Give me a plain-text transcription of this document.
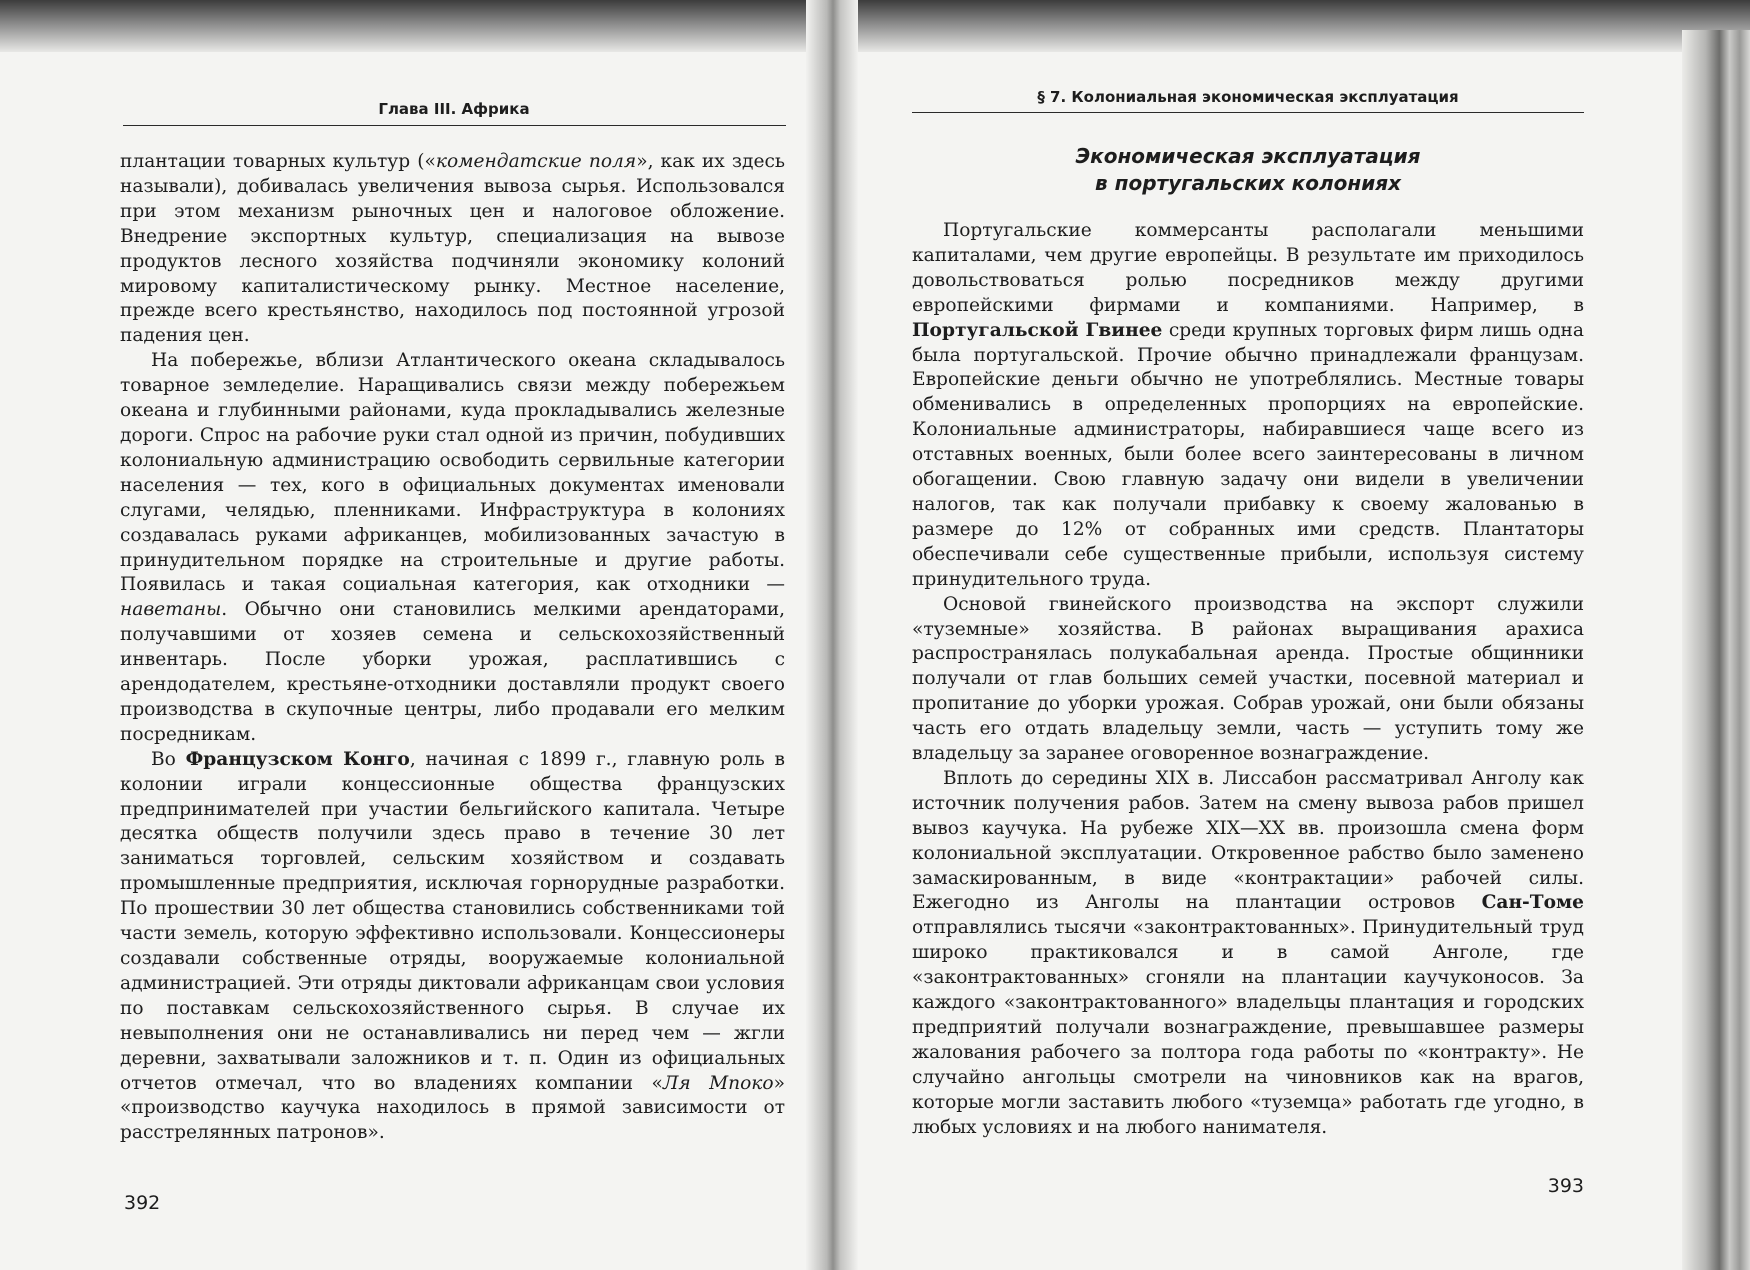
Глава III. Африка

плантации товарных культур («комендатские поля», как их здесь называли), добивалась увеличения вывоза сырья. Использовался при этом механизм рыночных цен и налоговое обложение. Внедрение экспортных культур, специализация на вывозе продуктов лесного хозяйства подчиняли экономику колоний мировому капиталистическому рынку. Местное население, прежде всего крестьянство, находилось под постоянной угрозой падения цен.

На побережье, вблизи Атлантического океана складывалось товарное земледелие. Наращивались связи между побережьем океана и глубинными районами, куда прокладывались железные дороги. Спрос на рабочие руки стал одной из причин, побудивших колониальную администрацию освободить сервильные категории населения — тех, кого в официальных документах именовали слугами, челядью, пленниками. Инфраструктура в колониях создавалась руками африканцев, мобилизованных зачастую в принудительном порядке на строительные и другие работы. Появилась и такая социальная категория, как отходники — наветаны. Обычно они становились мелкими арендаторами, получавшими от хозяев семена и сельскохозяйственный инвентарь. После уборки урожая, расплатившись с арендодателем, крестьяне-отходники доставляли продукт своего производства в скупочные центры, либо продавали его мелким посредникам.

Во Французском Конго, начиная с 1899 г., главную роль в колонии играли концессионные общества французских предпринимателей при участии бельгийского капитала. Четыре десятка обществ получили здесь право в течение 30 лет заниматься торговлей, сельским хозяйством и создавать промышленные предприятия, исключая горнорудные разработки. По прошествии 30 лет общества становились собственниками той части земель, которую эффективно использовали. Концессионеры создавали собственные отряды, вооружаемые колониальной администрацией. Эти отряды диктовали африканцам свои условия по поставкам сельскохозяйственного сырья. В случае их невыполнения они не останавливались ни перед чем — жгли деревни, захватывали заложников и т. п. Один из официальных отчетов отмечал, что во владениях компании «Ля Мпоко» «производство каучука находилось в прямой зависимости от расстрелянных патронов».

392
§ 7. Колониальная экономическая эксплуатация
Экономическая эксплуатация
в португальских колониях

Португальские коммерсанты располагали меньшими капиталами, чем другие европейцы. В результате им приходилось довольствоваться ролью посредников между другими европейскими фирмами и компаниями. Например, в Португальской Гвинее среди крупных торговых фирм лишь одна была португальской. Прочие обычно принадлежали французам. Европейские деньги обычно не употреблялись. Местные товары обменивались в определенных пропорциях на европейские. Колониальные администраторы, набиравшиеся чаще всего из отставных военных, были более всего заинтересованы в личном обогащении. Свою главную задачу они видели в увеличении налогов, так как получали прибавку к своему жалованью в размере до 12% от собранных ими средств. Плантаторы обеспечивали себе существенные прибыли, используя систему принудительного труда.

Основой гвинейского производства на экспорт служили «туземные» хозяйства. В районах выращивания арахиса распространялась полукабальная аренда. Простые общинники получали от глав больших семей участки, посевной материал и пропитание до уборки урожая. Собрав урожай, они были обязаны часть его отдать владельцу земли, часть — уступить тому же владельцу за заранее оговоренное вознаграждение.

Вплоть до середины XIX в. Лиссабон рассматривал Анголу как источник получения рабов. Затем на смену вывоза рабов пришел вывоз каучука. На рубеже XIX—XX вв. произошла смена форм колониальной эксплуатации. Откровенное рабство было заменено замаскированным, в виде «контрактации» рабочей силы. Ежегодно из Анголы на плантации островов Сан-Томе отправлялись тысячи «законтрактованных». Принудительный труд широко практиковался и в самой Анголе, где «законтрактованных» сгоняли на плантации каучуконосов. За каждого «законтрактованного» владельцы плантация и городских предприятий получали вознаграждение, превышавшее размеры жалования рабочего за полтора года работы по «контракту». Не случайно ангольцы смотрели на чиновников как на врагов, которые могли заставить любого «туземца» работать где угодно, в любых условиях и на любого нанимателя.

393
